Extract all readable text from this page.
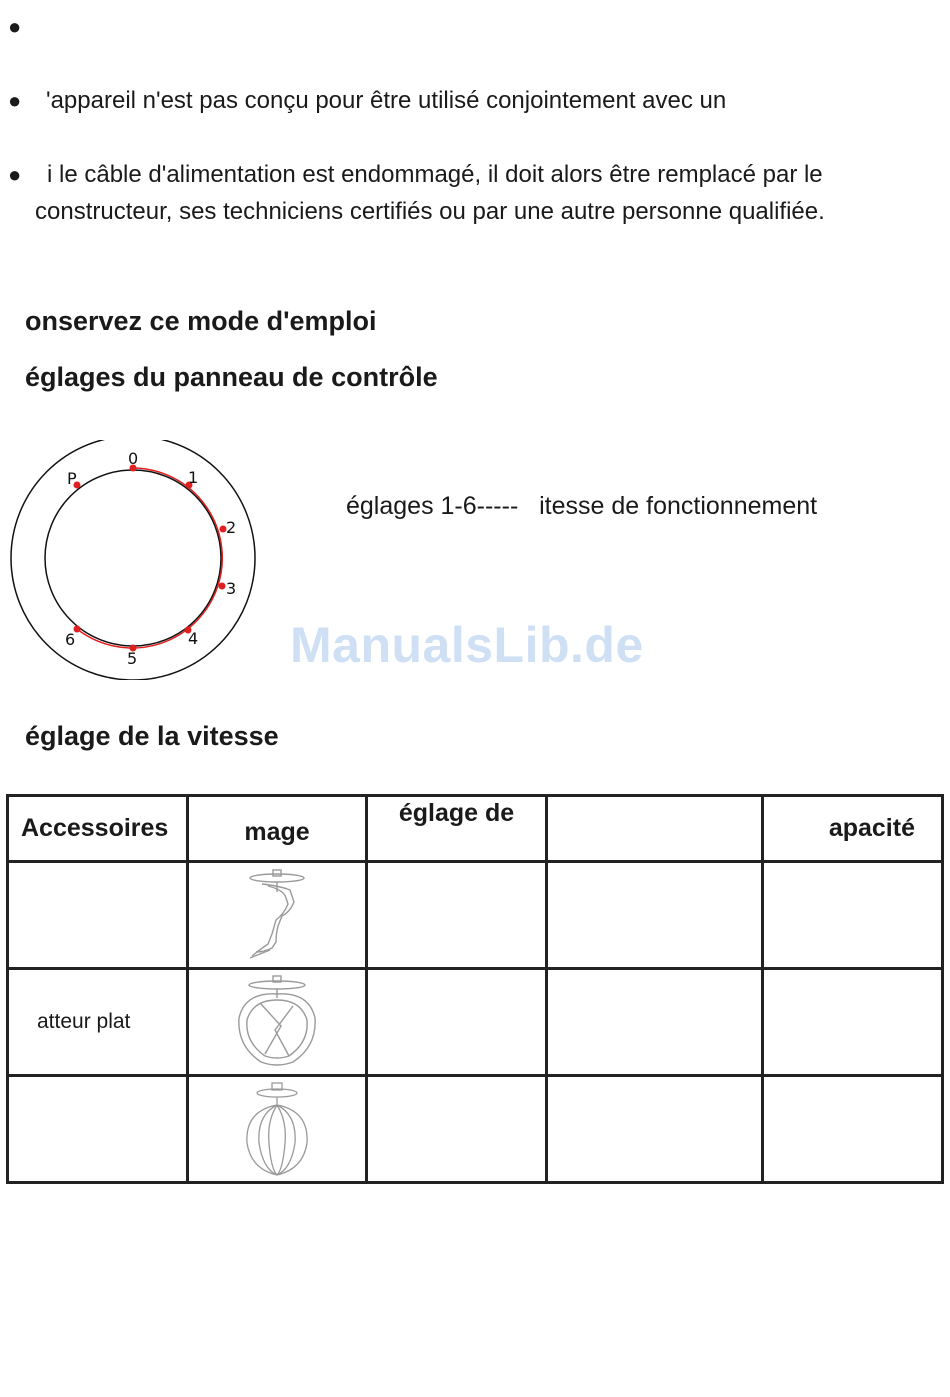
●
● 'appareil n'est pas conçu pour être utilisé conjointement avec un
●	i le câble d'alimentation est endommagé, il doit alors être remplacé par le constructeur, ses techniciens certifiés ou par une autre personne qualifiée.
onservez ce mode d'emploi
églages du panneau de contrôle
P
0
1
2
3
4
5
6
églages 1-6----- itesse de fonctionnement
ManualsLib.de
églage de la vitesse
Accessoires	mage	églage de		apacité

atteur plat	
